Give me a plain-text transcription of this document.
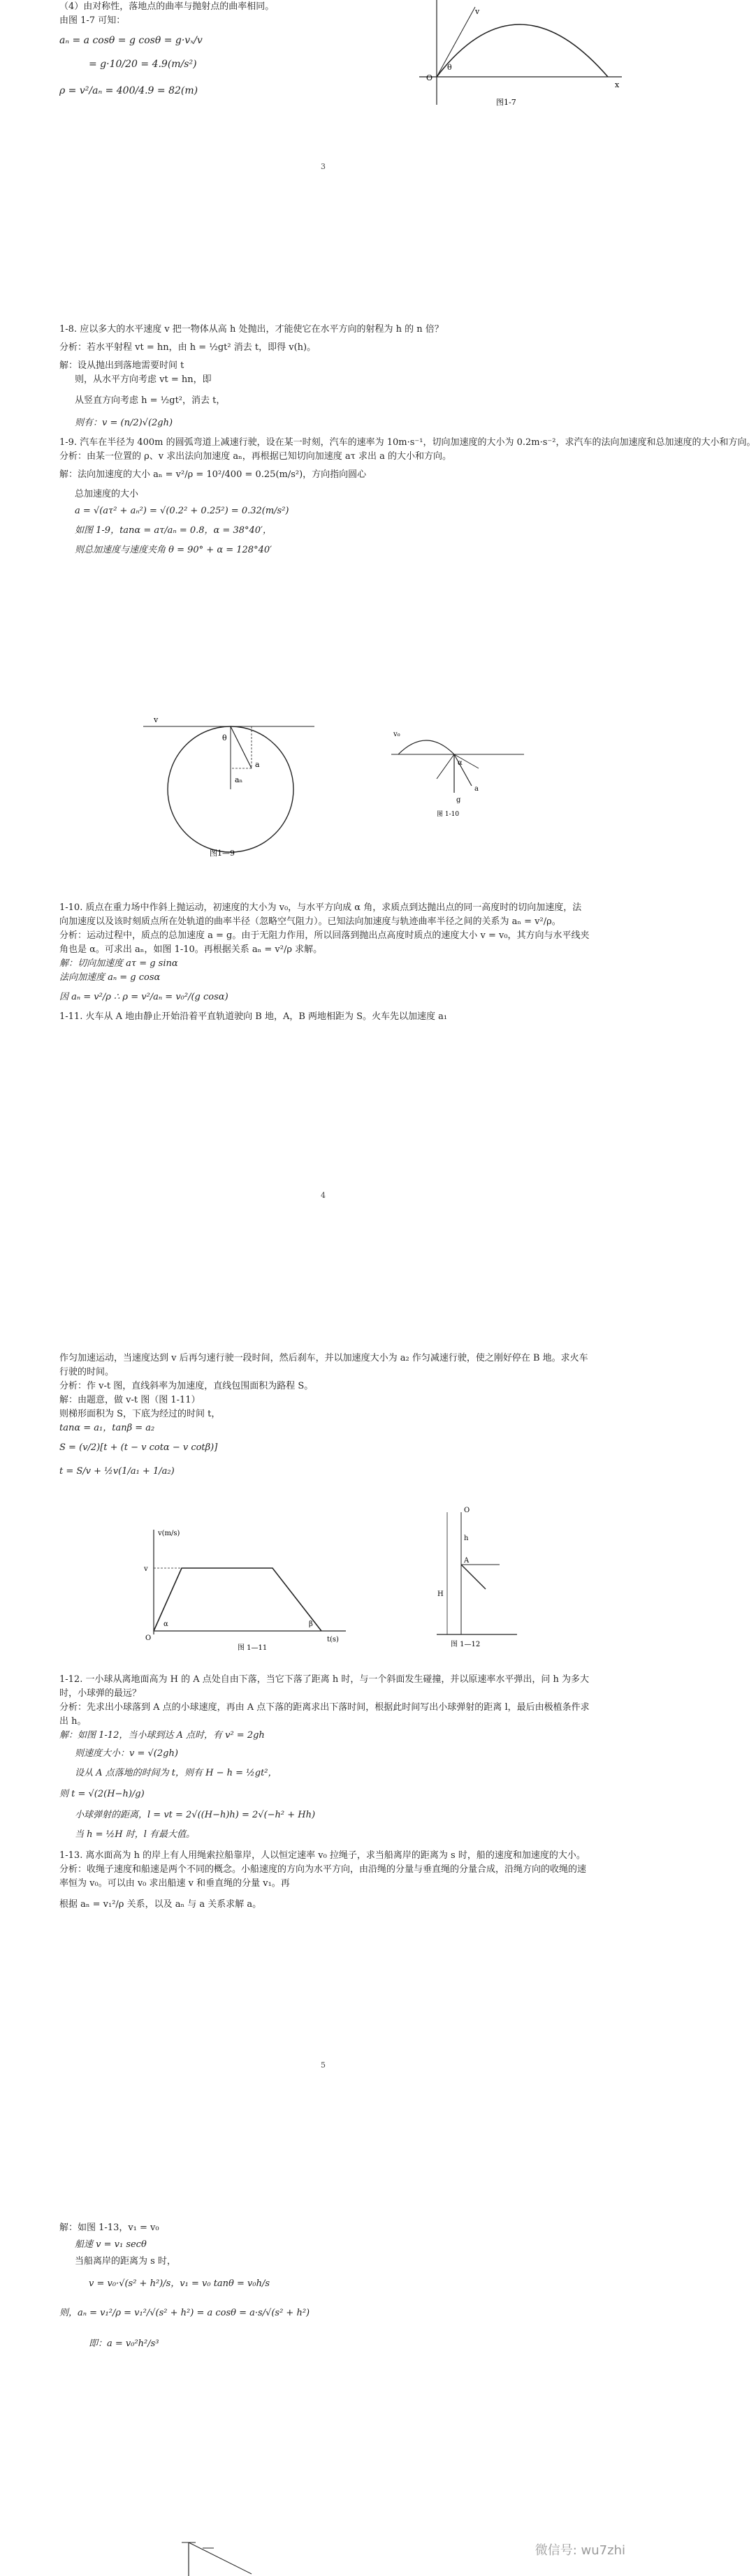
（4）由对称性，落地点的曲率与抛射点的曲率相同。
由图 1-7 可知：
aₙ = a cosθ = g cosθ = g·vₓ/v
= g·10/20 = 4.9(m/s²)
ρ = v²/aₙ = 400/4.9 = 82(m)
θ
O
x
v
图1-7
3
1-8. 应以多大的水平速度 v 把一物体从高 h 处抛出，才能使它在水平方向的射程为 h 的 n 倍？
分析：若水平射程 vt = hn，由 h = ½gt² 消去 t，即得 v(h)。
解：设从抛出到落地需要时间 t
则，从水平方向考虑 vt = hn，即
从竖直方向考虑 h = ½gt²，消去 t，
则有：v = (n/2)√(2gh)
1-9. 汽车在半径为 400m 的圆弧弯道上减速行驶，设在某一时刻，汽车的速率为 10m·s⁻¹，切向加速度的大小为 0.2m·s⁻²，求汽车的法向加速度和总加速度的大小和方向。
分析：由某一位置的 ρ、v 求出法向加速度 aₙ，再根据已知切向加速度 aτ 求出 a 的大小和方向。
解：法向加速度的大小 aₙ = v²/ρ = 10²/400 = 0.25(m/s²)，方向指向圆心
总加速度的大小
a = √(aτ² + aₙ²) = √(0.2² + 0.25²) = 0.32(m/s²)
如图 1-9，tanα = aτ/aₙ = 0.8，α = 38°40′，
则总加速度与速度夹角 θ = 90° + α = 128°40′
v
θ
a
aₙ
图1—9
v₀
α
a
g
图 1-10
1-10. 质点在重力场中作斜上抛运动，初速度的大小为 v₀，与水平方向成 α 角，求质点到达抛出点的同一高度时的切向加速度，法向加速度以及该时刻质点所在处轨道的曲率半径（忽略空气阻力）。已知法向加速度与轨迹曲率半径之间的关系为 aₙ = v²/ρ。
分析：运动过程中，质点的总加速度 a = g。由于无阻力作用，所以回落到抛出点高度时质点的速度大小 v = v₀，其方向与水平线夹角也是 α。可求出 aₙ，如图 1-10。再根据关系 aₙ = v²/ρ 求解。
解：切向加速度 aτ = g sinα
法向加速度 aₙ = g cosα
因 aₙ = v²/ρ ∴ ρ = v²/aₙ = v₀²/(g cosα)
1-11. 火车从 A 地由静止开始沿着平直轨道驶向 B 地，A，B 两地相距为 S。火车先以加速度 a₁
4
作匀加速运动，当速度达到 v 后再匀速行驶一段时间，然后刹车，并以加速度大小为 a₂ 作匀减速行驶，使之刚好停在 B 地。求火车行驶的时间。
分析：作 v-t 图，直线斜率为加速度，直线包围面积为路程 S。
解：由题意，做 v-t 图（图 1-11）
则梯形面积为 S，下底为经过的时间 t，
tanα = a₁，tanβ = a₂
S = (v/2)[t + (t − v cotα − v cotβ)]
t = S/v + ½v(1/a₁ + 1/a₂)
v(m/s)
v
O
α	β
t(s)
图 1—11
O
A
H
h
图 1—12
1-12. 一小球从离地面高为 H 的 A 点处自由下落，当它下落了距离 h 时，与一个斜面发生碰撞，并以原速率水平弹出，问 h 为多大时，小球弹的最远？
分析：先求出小球落到 A 点的小球速度，再由 A 点下落的距离求出下落时间，根据此时间写出小球弹射的距离 l，最后由极植条件求出 h。
解：如图 1-12，当小球到达 A 点时，有 v² = 2gh
则速度大小：v = √(2gh)
设从 A 点落地的时间为 t，则有 H − h = ½gt²，
则 t = √(2(H−h)/g)
小球弹射的距离，l = vt = 2√((H−h)h) = 2√(−h² + Hh)
当 h = ½H 时，l 有最大值。
1-13. 离水面高为 h 的岸上有人用绳索拉船靠岸，人以恒定速率 v₀ 拉绳子，求当船离岸的距离为 s 时，船的速度和加速度的大小。
分析：收绳子速度和船速是两个不同的概念。小船速度的方向为水平方向，由沿绳的分量与垂直绳的分量合成，沿绳方向的收绳的速率恒为 v₀。可以由 v₀ 求出船速 v 和垂直绳的分量 v₁。再
根据 aₙ = v₁²/ρ 关系，以及 aₙ 与 a 关系求解 a。
5
解：如图 1-13，v₁ = v₀
船速 v = v₁ secθ
当船离岸的距离为 s 时，
v = v₀·√(s² + h²)/s，v₁ = v₀ tanθ = v₀h/s
则，aₙ = v₁²/ρ = v₁²/√(s² + h²) = a cosθ = a·s/√(s² + h²)
即：a = v₀²h²/s³
微信号: wu7zhi
